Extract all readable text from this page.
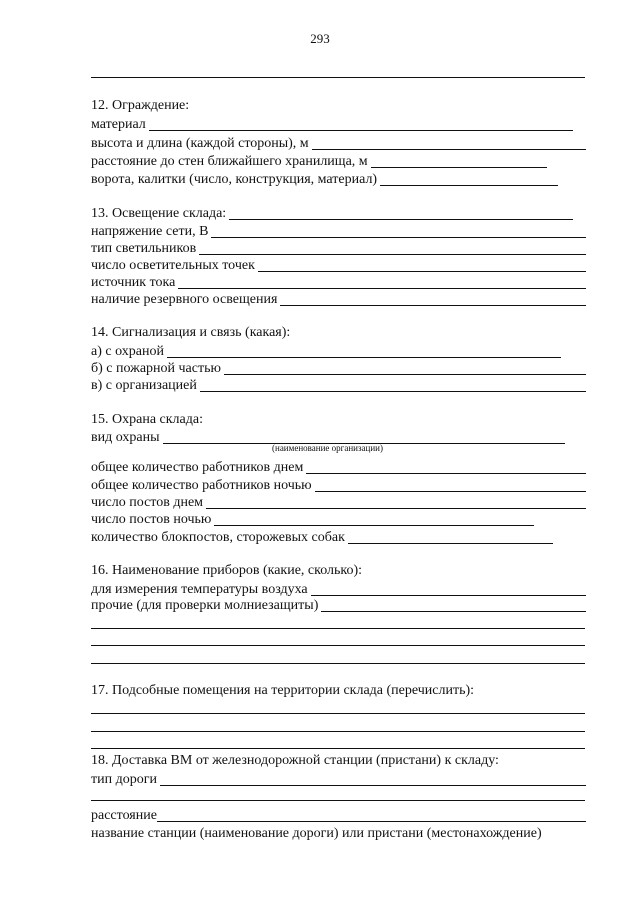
293
12. Ограждение:
материал
высота и длина (каждой стороны), м
расстояние до стен ближайшего хранилища, м
ворота, калитки (число, конструкция, материал)
13. Освещение склада:
напряжение сети, В
тип светильников
число осветительных точек
источник тока
наличие резервного освещения
14. Сигнализация и связь (какая):
а) с охраной
б) с пожарной частью
в) с организацией
15. Охрана склада:
вид охраны
(наименование организации)
общее количество работников днем
общее количество работников ночью
число постов днем
число постов ночью
количество блокпостов, сторожевых собак
16. Наименование приборов (какие, сколько):
для измерения температуры воздуха
прочие (для проверки молниезащиты)
17. Подсобные помещения на территории склада (перечислить):
18. Доставка ВМ от железнодорожной станции (пристани) к складу:
тип дороги
расстояние
название станции (наименование дороги) или пристани (местонахождение)
